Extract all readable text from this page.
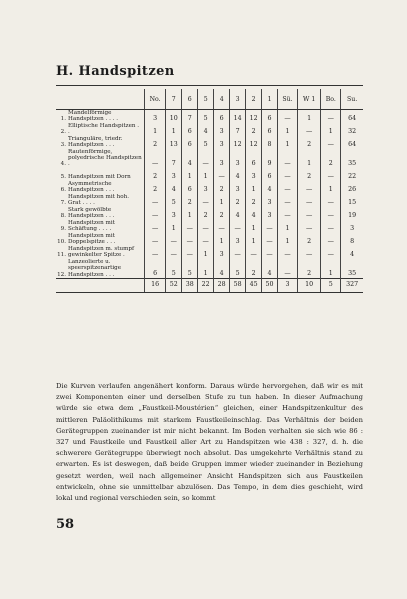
H. Handspitzen
	No.	7	6	5	4	3	2	1	Sü.	W 1	Bo.	Su.
1.Mandelförmige Handspitzen . . . .	3	10	7	5	6	14	12	6	—	1	—	64
2.Elliptische Handspitzen . .	1	1	6	4	3	7	2	6	1	—	1	32
3.Trianguläre, triedr. Handspitzen . . .	2	13	6	5	3	12	12	8	1	2	—	64
4.Rautenförmige, polyedrische Handspitzen .	—	7	4	—	3	3	6	9	—	1	2	35
5. Handspitzen mit Dorn	2	3	1	1	—	4	3	6	—	2	—	22
6.Asymmetrische Handspitzen . . .	2	4	6	3	2	3	1	4	—	—	1	26
7.Handspitzen mit hoh. Grat . . . .	—	5	2	—	1	2	2	3	—	—	—	15
8.Stark gewölbte Handspitzen . . .	—	3	1	2	2	4	4	3	—	—	—	19
9.Handspitzen mit Schäftung . . . .	—	1	—	—	—	—	1	—	1	—	—	3
10.Handspitzen mit Doppelspitze . . .	—	—	—	—	1	3	1	—	1	2	—	8
11.Handspitzen m. stumpf gewinkelter Spitze .	—	—	—	1	3	—	—	—	—	—	—	4
12.Lanzeolierte u. speerspitzenartige Handspitzen . . .	6	5	5	1	4	5	2	4	—	2	1	35
	16	52	38	22	28	58	45	50	3	10	5	327

Die Kurven verlaufen angenähert konform. Daraus würde hervorgehen, daß wir es mit zwei Komponenten einer und derselben Stufe zu tun haben. In dieser Aufmachung würde sie etwa dem „Faustkeil-Moustérien“ gleichen, einer Handspitzenkultur des mittleren Paläolithikums mit starkem Faustkeileinschlag. Das Verhältnis der beiden Gerätegruppen zueinander ist mir nicht bekannt. Im Boden verhalten sie sich wie 86 : 327 und Faustkeile und Faustkeil aller Art zu Handspitzen wie 438 : 327, d. h. die schwerere Gerätegruppe überwiegt noch absolut. Das umgekehrte Verhältnis stand zu erwarten. Es ist deswegen, daß beide Gruppen immer wieder zueinander in Beziehung gesetzt werden, weil nach allgemeiner Ansicht Handspitzen sich aus Faustkeilen entwickeln, ohne sie unmittelbar abzulösen. Das Tempo, in dem dies geschieht, wird lokal und regional verschieden sein, so kommt

58
